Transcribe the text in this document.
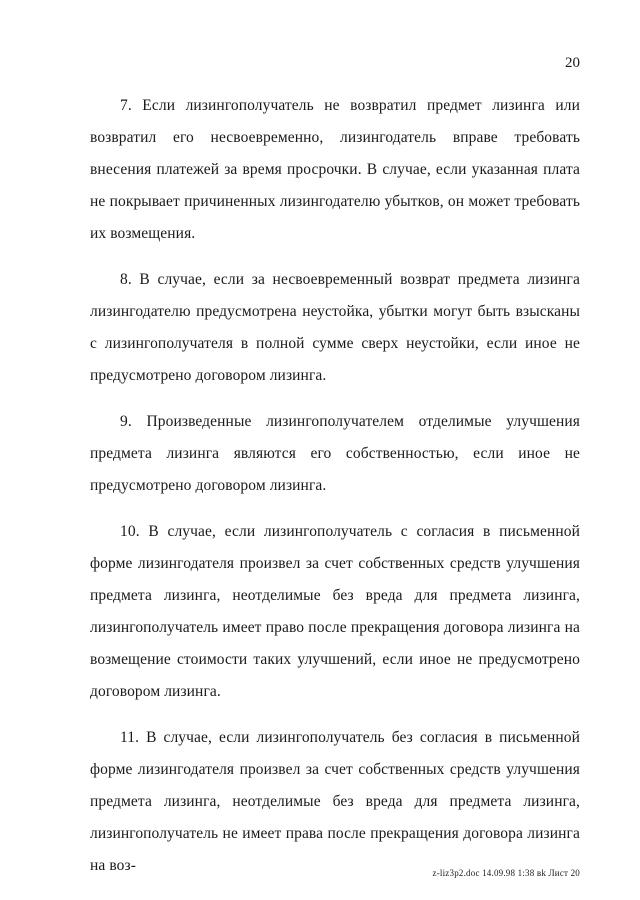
20

7. Если лизингополучатель не возвратил предмет лизинга или возвратил его несвоевременно, лизингодатель вправе требовать внесения платежей за время просрочки. В случае, если указанная плата не покрывает причиненных лизингодателю убытков, он может требовать их возмещения.

8. В случае, если за несвоевременный возврат предмета лизинга лизингодателю предусмотрена неустойка, убытки могут быть взысканы с лизингополучателя в полной сумме сверх неустойки, если иное не предусмотрено договором лизинга.

9. Произведенные лизингополучателем отделимые улучшения предмета лизинга являются его собственностью, если иное не предусмотрено договором лизинга.

10. В случае, если лизингополучатель с согласия в письменной форме лизингодателя произвел за счет собственных средств улучшения предмета лизинга, неотделимые без вреда для предмета лизинга, лизингополучатель имеет право после прекращения договора лизинга на возмещение стоимости таких улучшений, если иное не предусмотрено договором лизинга.

11. В случае, если лизингополучатель без согласия в письменной форме лизингодателя произвел за счет собственных средств улучшения предмета лизинга, неотделимые без вреда для предмета лизинга, лизингополучатель не имеет права после прекращения договора лизинга на воз-	z-liz3p2.doc 14.09.98 1:38 вk Лист 20
